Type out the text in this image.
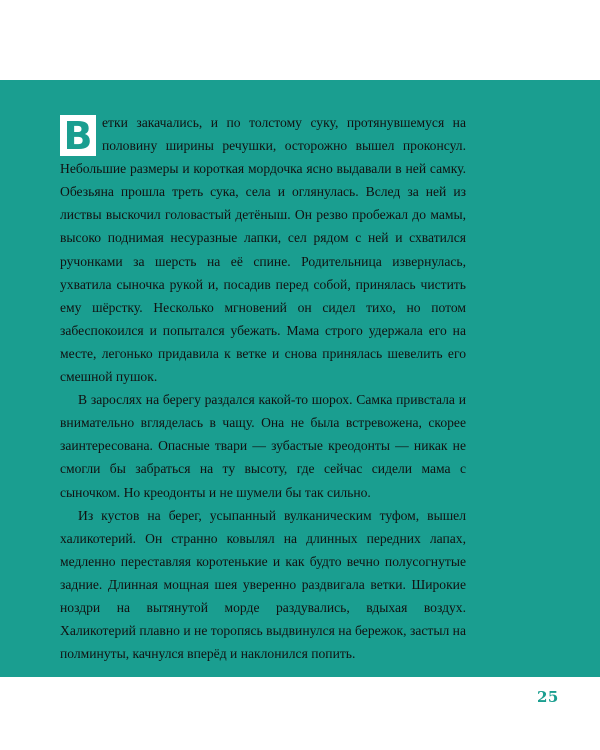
В етки закачались, и по толстому суку, протянувшемуся на половину ширины речушки, осторожно вышел проконсул. Небольшие размеры и короткая мордочка ясно выдавали в ней самку. Обезьяна прошла треть сука, села и оглянулась. Вслед за ней из листвы выскочил головастый детёныш. Он резво пробежал до мамы, высоко поднимая несуразные лапки, сел рядом с ней и схватился ручонками за шерсть на её спине. Родительница извернулась, ухватила сыночка рукой и, посадив перед собой, принялась чистить ему шёрстку. Несколько мгновений он сидел тихо, но потом забеспокоился и попытался убежать. Мама строго удержала его на месте, легонько придавила к ветке и снова принялась шевелить его смешной пушок.

В зарослях на берегу раздался какой-то шорох. Самка привстала и внимательно вгляделась в чащу. Она не была встревожена, скорее заинтересована. Опасные твари — зубастые креодонты — никак не смогли бы забраться на ту высоту, где сейчас сидели мама с сыночком. Но креодонты и не шумели бы так сильно.

Из кустов на берег, усыпанный вулканическим туфом, вышел халикотерий. Он странно ковылял на длинных передних лапах, медленно переставляя коротенькие и как будто вечно полусогнутые задние. Длинная мощная шея уверенно раздвигала ветки. Широкие ноздри на вытянутой морде раздувались, вдыхая воздух. Халикотерий плавно и не торопясь выдвинулся на бережок, застыл на полминуты, качнулся вперёд и наклонился попить.

25
